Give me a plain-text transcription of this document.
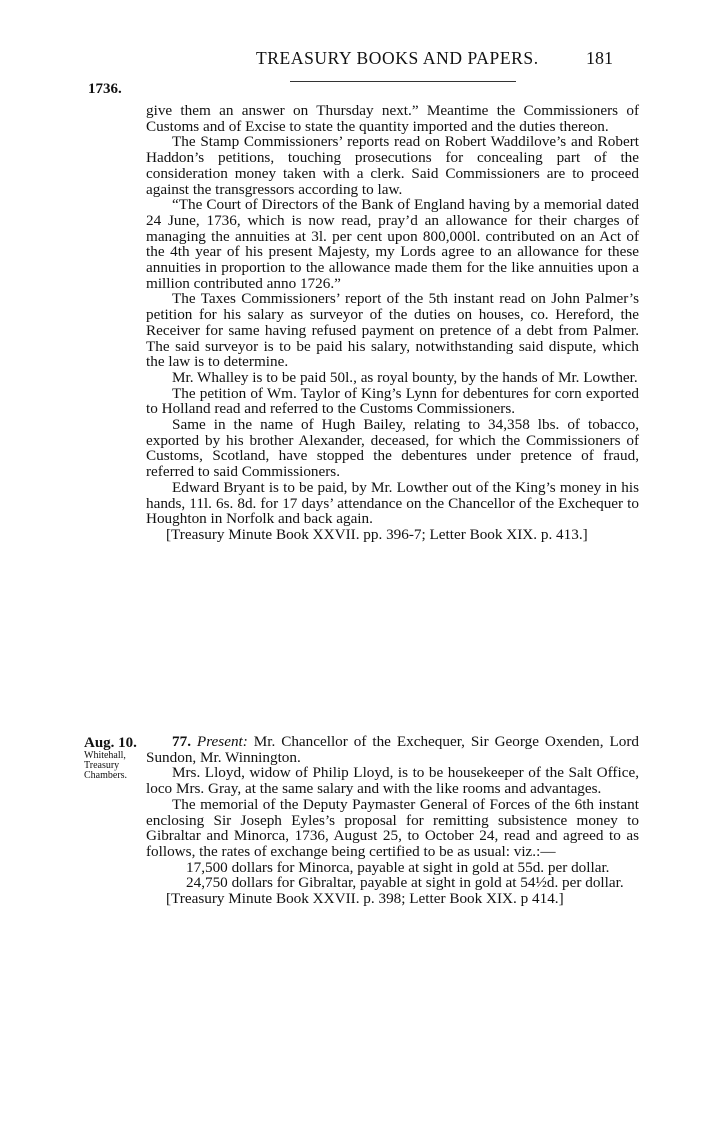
TREASURY BOOKS AND PAPERS.	181
1736.

give them an answer on Thursday next.” Meantime the Commissioners of Customs and of Excise to state the quantity imported and the duties thereon.

The Stamp Commissioners’ reports read on Robert Waddilove’s and Robert Haddon’s petitions, touching prosecutions for concealing part of the consideration money taken with a clerk. Said Commissioners are to proceed against the transgressors according to law.

“The Court of Directors of the Bank of England having by a memorial dated 24 June, 1736, which is now read, pray’d an allowance for their charges of managing the annuities at 3l. per cent upon 800,000l. contributed on an Act of the 4th year of his present Majesty, my Lords agree to an allowance for these annuities in proportion to the allowance made them for the like annuities upon a million contributed anno 1726.”

The Taxes Commissioners’ report of the 5th instant read on John Palmer’s petition for his salary as surveyor of the duties on houses, co. Hereford, the Receiver for same having refused payment on pretence of a debt from Palmer. The said surveyor is to be paid his salary, notwithstanding said dispute, which the law is to determine.

Mr. Whalley is to be paid 50l., as royal bounty, by the hands of Mr. Lowther.

The petition of Wm. Taylor of King’s Lynn for debentures for corn exported to Holland read and referred to the Customs Commissioners.

Same in the name of Hugh Bailey, relating to 34,358 lbs. of tobacco, exported by his brother Alexander, deceased, for which the Commissioners of Customs, Scotland, have stopped the debentures under pretence of fraud, referred to said Commissioners.

Edward Bryant is to be paid, by Mr. Lowther out of the King’s money in his hands, 11l. 6s. 8d. for 17 days’ attendance on the Chancellor of the Exchequer to Houghton in Norfolk and back again.

[Treasury Minute Book XXVII. pp. 396-7; Letter Book XIX. p. 413.]

Aug. 10.
Whitehall, Treasury Chambers.

77. Present: Mr. Chancellor of the Exchequer, Sir George Oxenden, Lord Sundon, Mr. Winnington.

Mrs. Lloyd, widow of Philip Lloyd, is to be housekeeper of the Salt Office, loco Mrs. Gray, at the same salary and with the like rooms and advantages.

The memorial of the Deputy Paymaster General of Forces of the 6th instant enclosing Sir Joseph Eyles’s proposal for remitting subsistence money to Gibraltar and Minorca, 1736, August 25, to October 24, read and agreed to as follows, the rates of exchange being certified to be as usual: viz.:—

17,500 dollars for Minorca, payable at sight in gold at 55d. per dollar.

24,750 dollars for Gibraltar, payable at sight in gold at 54½d. per dollar.

[Treasury Minute Book XXVII. p. 398; Letter Book XIX. p 414.]
